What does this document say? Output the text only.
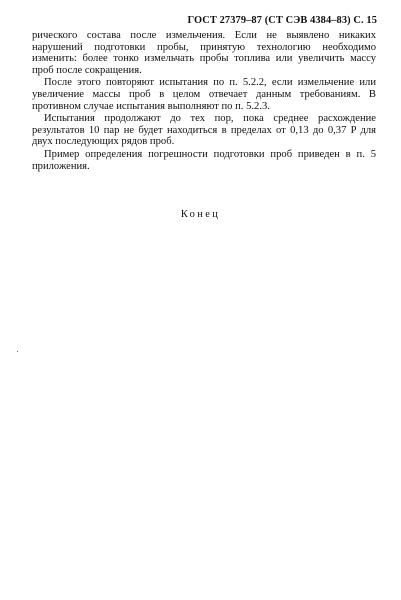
ГОСТ 27379–87 (СТ СЭВ 4384–83) С. 15

рического состава после измельчения. Если не выявлено никаких нарушений подготовки пробы, принятую технологию необходимо изменить: более тонко измельчать пробы топлива или увеличить массу проб после сокращения.

После этого повторяют испытания по п. 5.2.2, если измельчение или увеличение массы проб в целом отвечает данным требованиям. В противном случае испытания выполняют по п. 5.2.3.

Испытания продолжают до тех пор, пока среднее расхождение результатов 10 пар не будет находиться в пределах от 0,13 до 0,37 P для двух последующих рядов проб.

Пример определения погрешности подготовки проб приведен в п. 5 приложения.

Конец
